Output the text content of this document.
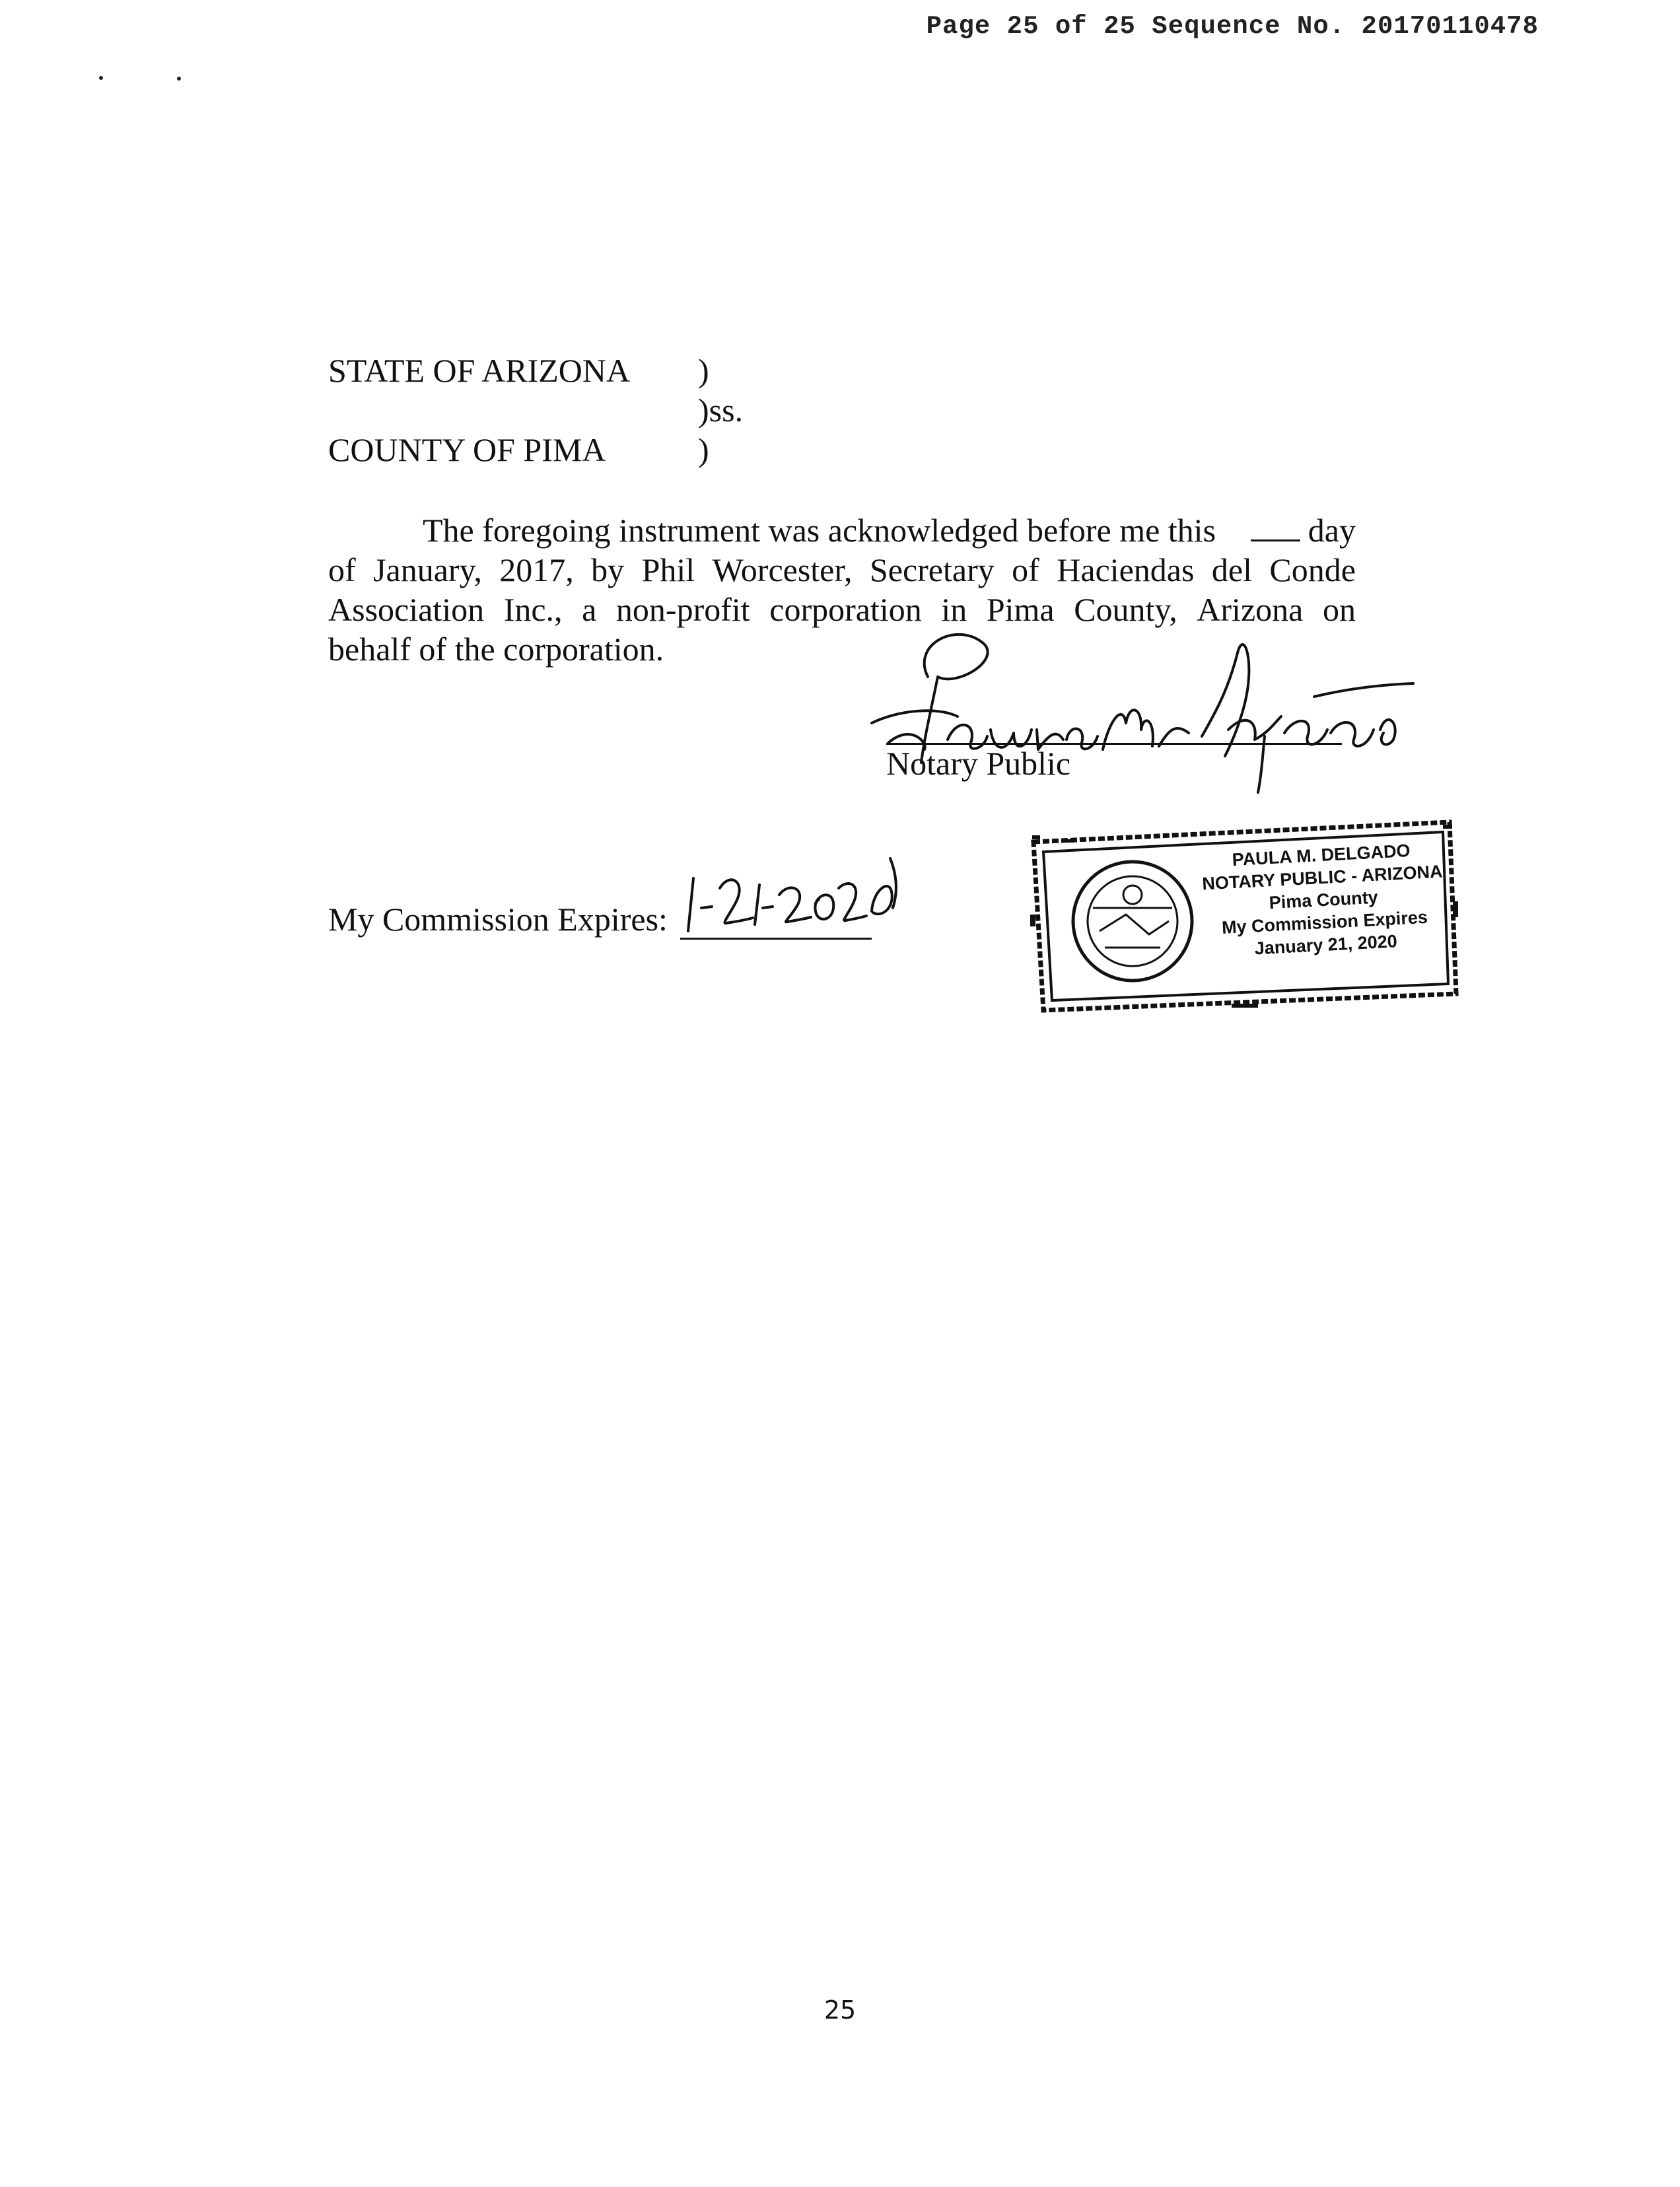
Page 25 of 25 Sequence No. 20170110478
STATE OF ARIZONA )
)ss.
COUNTY OF PIMA	)
The foregoing instrument was acknowledged before me this	day
of January, 2017, by Phil Worcester, Secretary of Haciendas del Conde
Association Inc., a non-profit corporation in Pima County, Arizona on
behalf of the corporation.
Notary Public
My Commission Expires:
PAULA M. DELGADO
NOTARY PUBLIC - ARIZONA
Pima County
My Commission Expires
January 21, 2020
25
